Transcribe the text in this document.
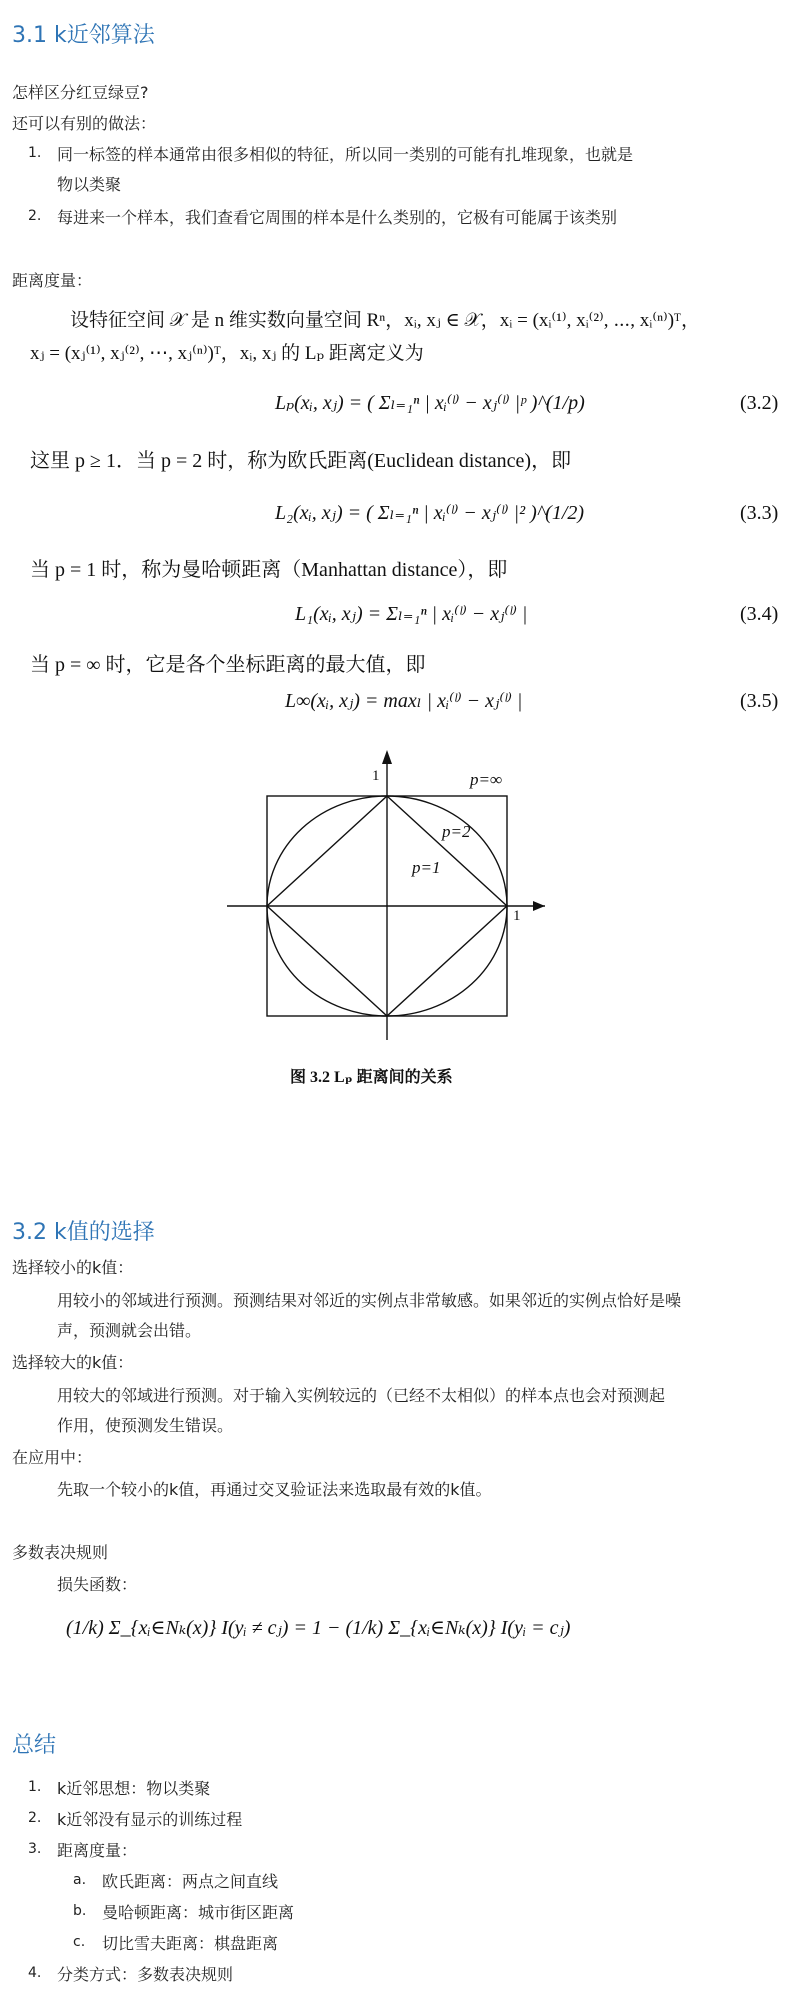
3.1 k近邻算法
怎样区分红豆绿豆?
还可以有别的做法：
1. 同一标签的样本通常由很多相似的特征，所以同一类别的可能有扎堆现象，也就是
物以类聚
2. 每进来一个样本，我们查看它周围的样本是什么类别的，它极有可能属于该类别
距离度量：
设特征空间 𝒳 是 n 维实数向量空间 Rⁿ，xᵢ, xⱼ ∈ 𝒳，xᵢ = (xᵢ⁽¹⁾, xᵢ⁽²⁾, ⋯, xᵢ⁽ⁿ⁾)ᵀ，
xⱼ = (xⱼ⁽¹⁾, xⱼ⁽²⁾, ⋯, xⱼ⁽ⁿ⁾)ᵀ，xᵢ, xⱼ 的 Lₚ 距离定义为
Lₚ(xᵢ, xⱼ) = ( Σₗ₌₁ⁿ | xᵢ⁽ˡ⁾ − xⱼ⁽ˡ⁾ |ᵖ )^(1/p)	(3.2)
这里 p ≥ 1．当 p = 2 时，称为欧氏距离(Euclidean distance)，即
L₂(xᵢ, xⱼ) = ( Σₗ₌₁ⁿ | xᵢ⁽ˡ⁾ − xⱼ⁽ˡ⁾ |² )^(1/2)	(3.3)
当 p = 1 时，称为曼哈顿距离（Manhattan distance），即
L₁(xᵢ, xⱼ) = Σₗ₌₁ⁿ | xᵢ⁽ˡ⁾ − xⱼ⁽ˡ⁾ |	(3.4)
当 p = ∞ 时，它是各个坐标距离的最大值，即
L∞(xᵢ, xⱼ) = maxₗ | xᵢ⁽ˡ⁾ − xⱼ⁽ˡ⁾ |	(3.5)
1
1
p=∞
p=2
p=1
图 3.2 Lₚ 距离间的关系
3.2 k值的选择
选择较小的k值：
用较小的邻域进行预测。预测结果对邻近的实例点非常敏感。如果邻近的实例点恰好是噪
声，预测就会出错。
选择较大的k值：
用较大的邻域进行预测。对于输入实例较远的（已经不太相似）的样本点也会对预测起
作用，使预测发生错误。
在应用中：
先取一个较小的k值，再通过交叉验证法来选取最有效的k值。
多数表决规则
损失函数：
(1/k) Σ_{xᵢ∈Nₖ(x)} I(yᵢ ≠ cⱼ) = 1 − (1/k) Σ_{xᵢ∈Nₖ(x)} I(yᵢ = cⱼ)
总结
1. k近邻思想：物以类聚
2. k近邻没有显示的训练过程
3. 距离度量：
a. 欧氏距离：两点之间直线
b. 曼哈顿距离：城市街区距离
c. 切比雪夫距离：棋盘距离
4. 分类方式：多数表决规则
